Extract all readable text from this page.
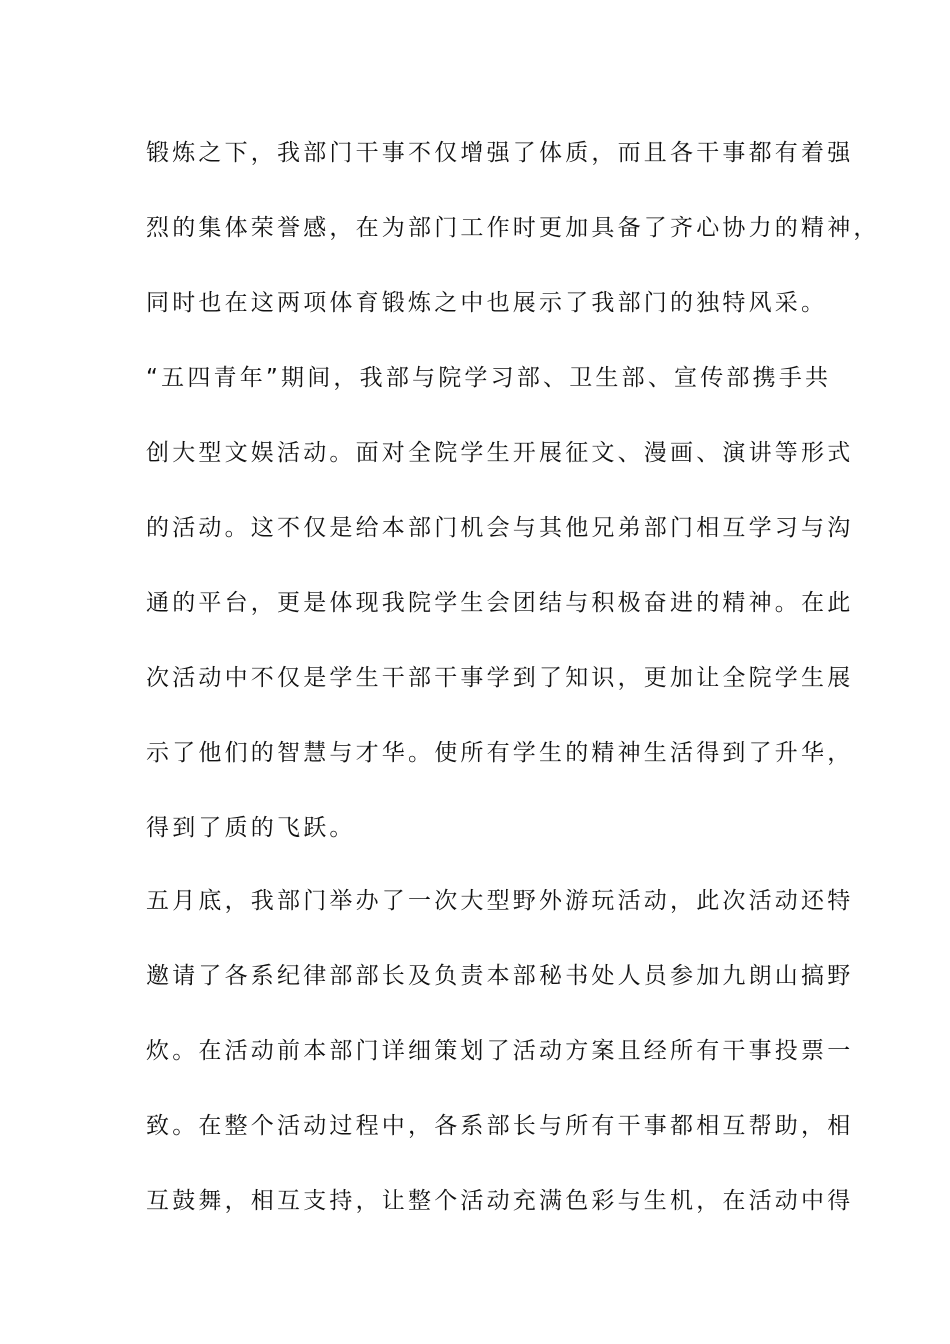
锻炼之下，我部门干事不仅增强了体质，而且各干事都有着强
烈的集体荣誉感，在为部门工作时更加具备了齐心协力的精神，
同时也在这两项体育锻炼之中也展示了我部门的独特风采。
“五四青年”期间，我部与院学习部、卫生部、宣传部携手共
创大型文娱活动。面对全院学生开展征文、漫画、演讲等形式
的活动。这不仅是给本部门机会与其他兄弟部门相互学习与沟
通的平台，更是体现我院学生会团结与积极奋进的精神。在此
次活动中不仅是学生干部干事学到了知识，更加让全院学生展
示了他们的智慧与才华。使所有学生的精神生活得到了升华，
得到了质的飞跃。
五月底，我部门举办了一次大型野外游玩活动，此次活动还特
邀请了各系纪律部部长及负责本部秘书处人员参加九朗山搞野
炊。在活动前本部门详细策划了活动方案且经所有干事投票一
致。在整个活动过程中，各系部长与所有干事都相互帮助，相
互鼓舞，相互支持，让整个活动充满色彩与生机，在活动中得
